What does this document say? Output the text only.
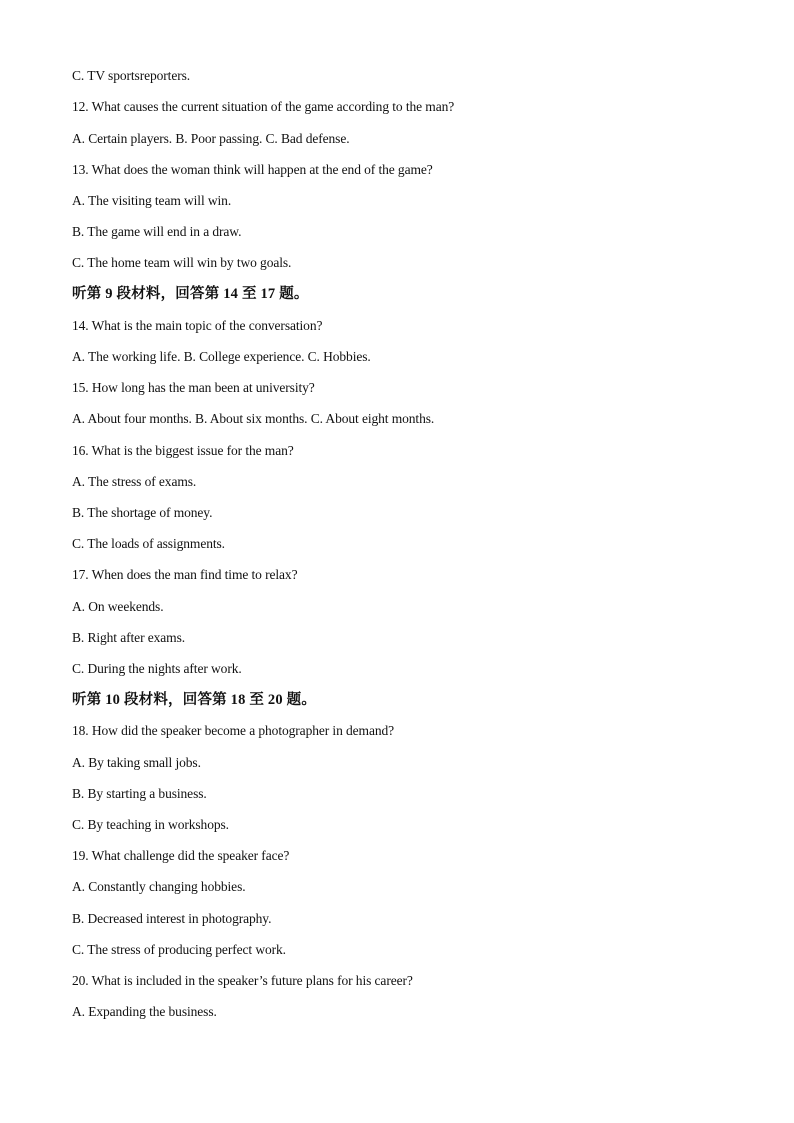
C. TV sportsreporters.
12. What causes the current situation of the game according to the man?
A. Certain players. B. Poor passing. C. Bad defense.
13. What does the woman think will happen at the end of the game?
A. The visiting team will win.
B. The game will end in a draw.
C. The home team will win by two goals.
听第 9 段材料，回答第 14 至 17 题。
14. What is the main topic of the conversation?
A. The working life. B. College experience. C. Hobbies.
15. How long has the man been at university?
A. About four months. B. About six months. C. About eight months.
16. What is the biggest issue for the man?
A. The stress of exams.
B. The shortage of money.
C. The loads of assignments.
17. When does the man find time to relax?
A. On weekends.
B. Right after exams.
C. During the nights after work.
听第 10 段材料，回答第 18 至 20 题。
18. How did the speaker become a photographer in demand?
A. By taking small jobs.
B. By starting a business.
C. By teaching in workshops.
19. What challenge did the speaker face?
A. Constantly changing hobbies.
B. Decreased interest in photography.
C. The stress of producing perfect work.
20. What is included in the speaker’s future plans for his career?
A. Expanding the business.
